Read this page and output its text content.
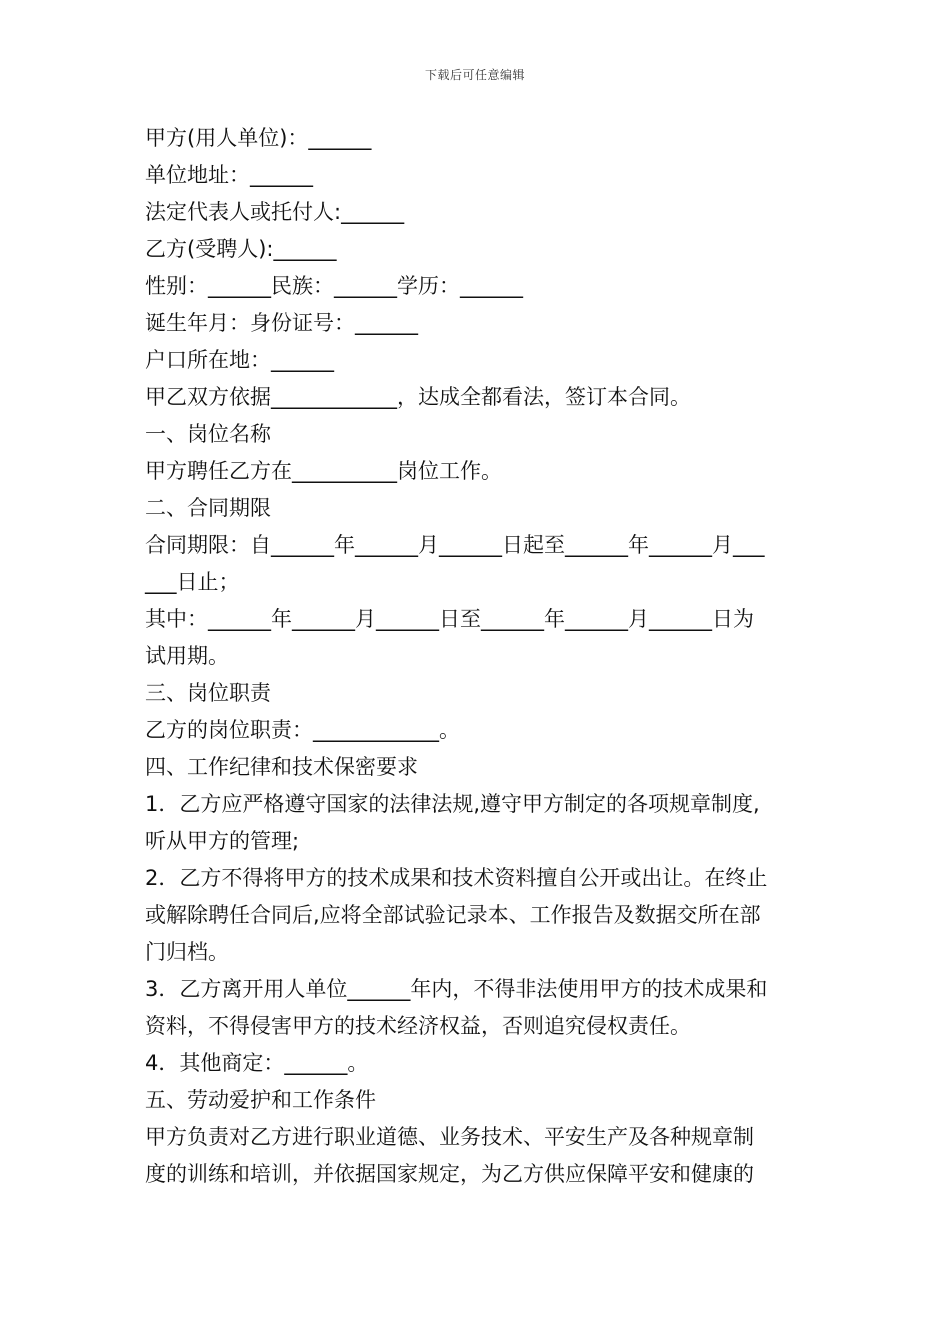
下载后可任意编辑

甲方(用人单位)：______

单位地址：______

法定代表人或托付人:______

乙方(受聘人):______

性别：______民族：______学历：______

诞生年月：身份证号：______

户口所在地：______

甲乙双方依据____________，达成全都看法，签订本合同。

一、岗位名称

甲方聘任乙方在__________岗位工作。

二、合同期限

合同期限：自______年______月______日起至______年______月___

___日止；

其中：______年______月______日至______年______月______日为

试用期。

三、岗位职责

乙方的岗位职责：____________。

四、工作纪律和技术保密要求

1．乙方应严格遵守国家的法律法规,遵守甲方制定的各项规章制度,

听从甲方的管理;

2．乙方不得将甲方的技术成果和技术资料擅自公开或出让。在终止

或解除聘任合同后,应将全部试验记录本、工作报告及数据交所在部

门归档。

3．乙方离开用人单位______年内，不得非法使用甲方的技术成果和

资料，不得侵害甲方的技术经济权益，否则追究侵权责任。

4．其他商定：______。

五、劳动爱护和工作条件

甲方负责对乙方进行职业道德、业务技术、平安生产及各种规章制

度的训练和培训，并依据国家规定，为乙方供应保障平安和健康的
